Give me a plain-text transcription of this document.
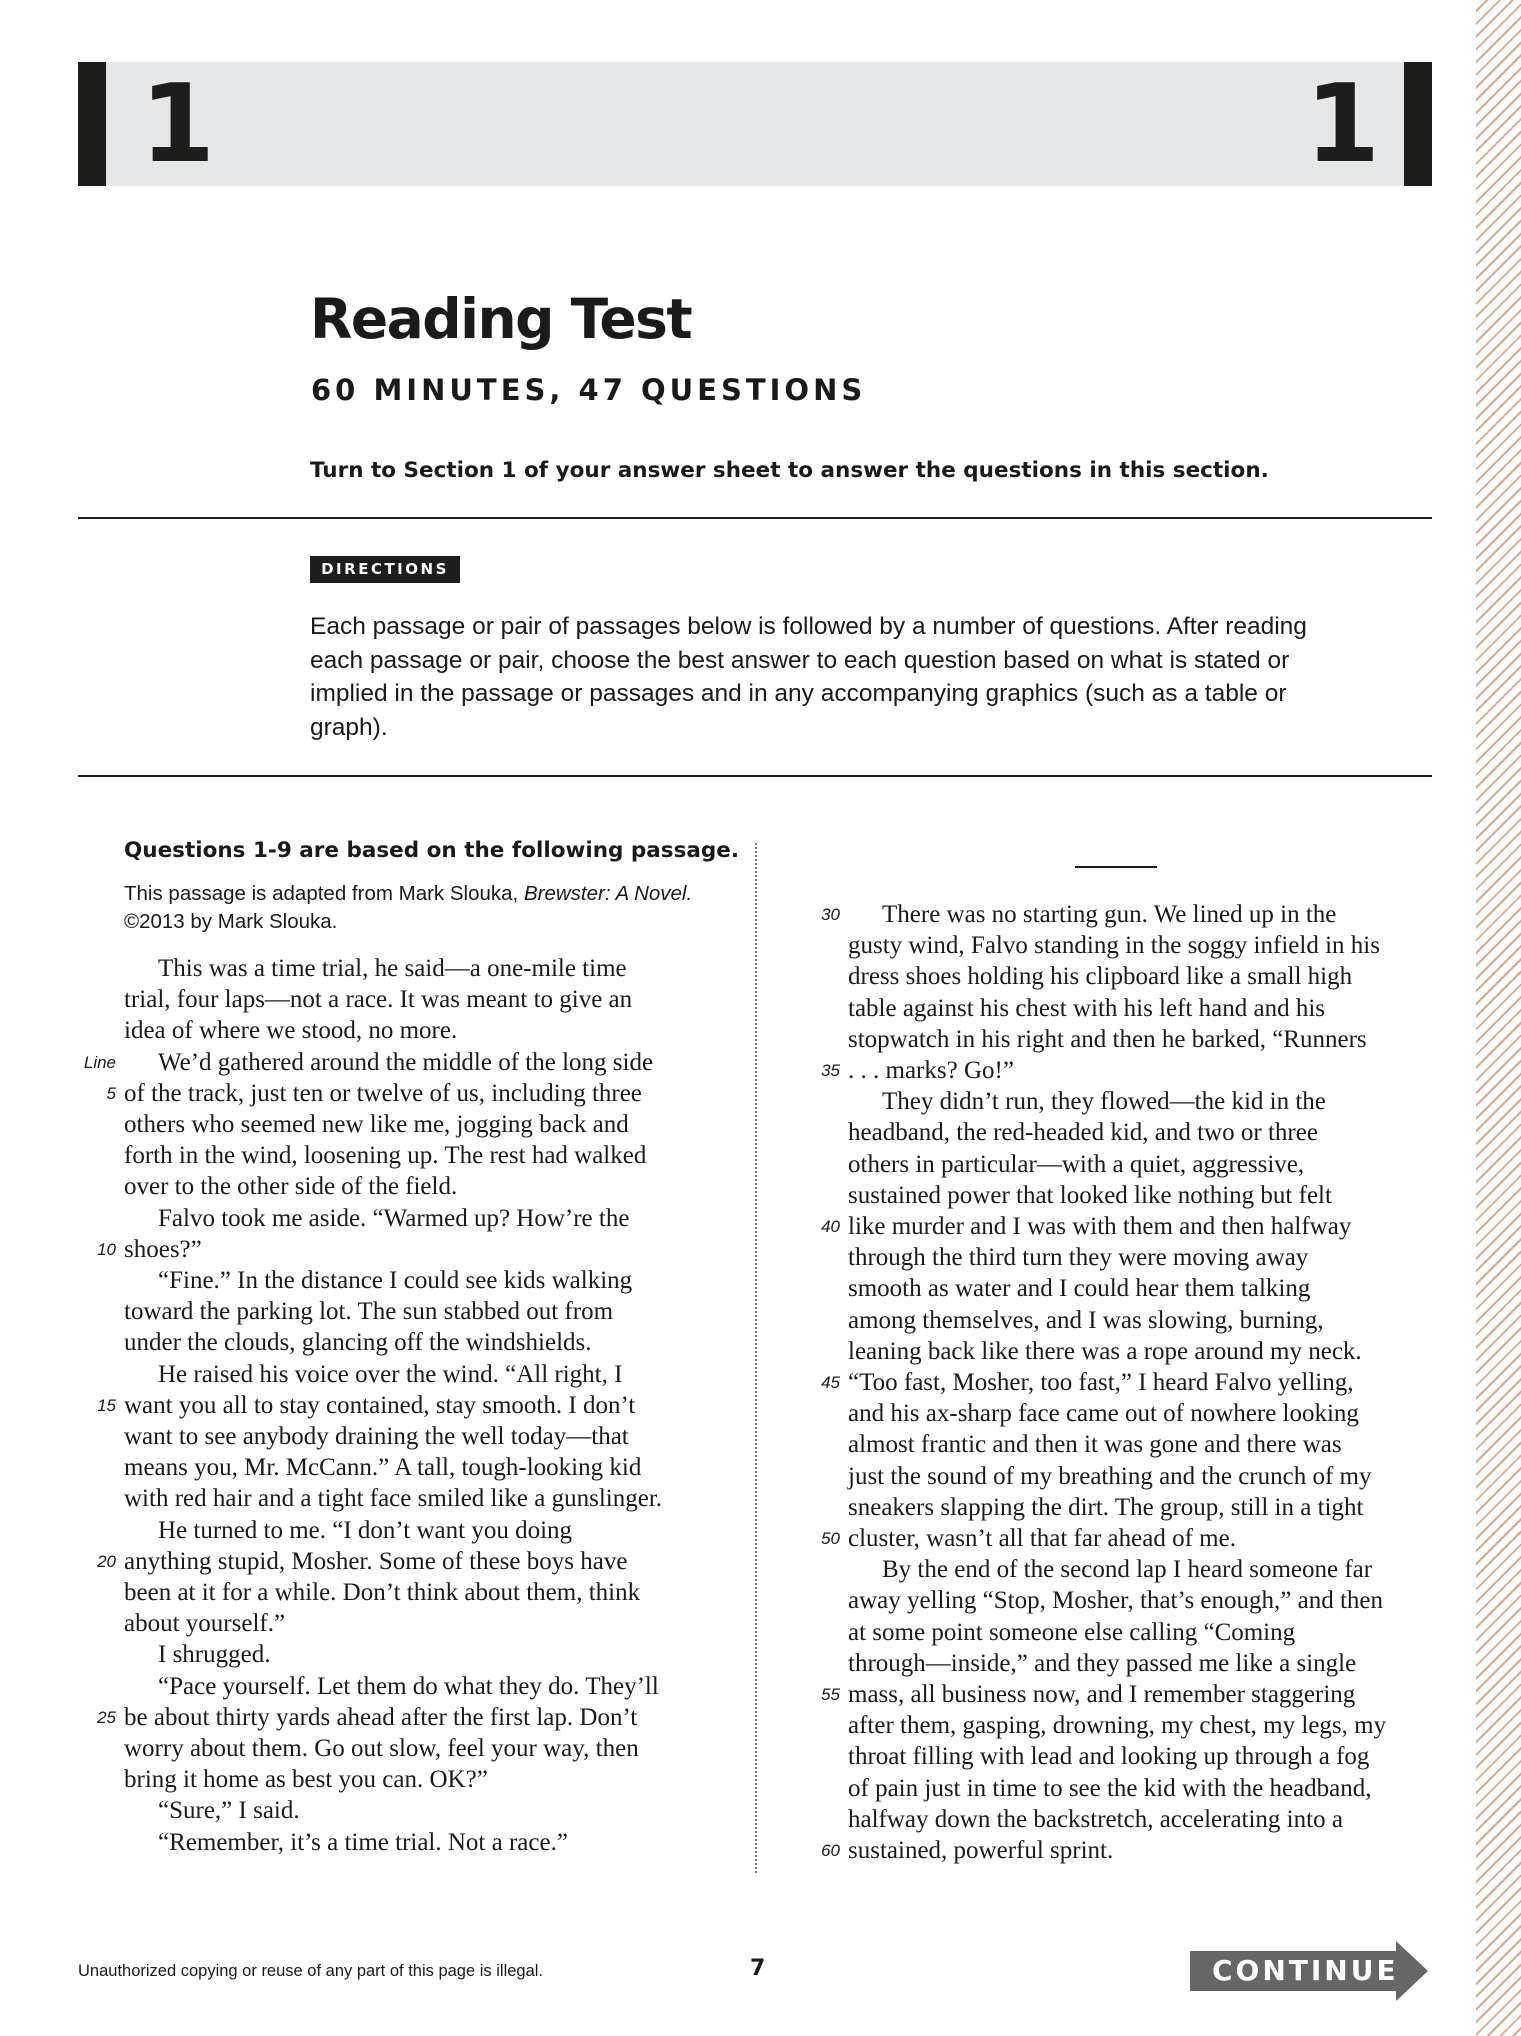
1	1
Reading Test
60 MINUTES, 47 QUESTIONS
Turn to Section 1 of your answer sheet to answer the questions in this section.
DIRECTIONS
Each passage or pair of passages below is followed by a number of questions. After reading each passage or pair, choose the best answer to each question based on what is stated or implied in the passage or passages and in any accompanying graphics (such as a table or graph).
Questions 1-9 are based on the following passage.
This passage is adapted from Mark Slouka, Brewster: A Novel.
©2013 by Mark Slouka.
This was a time trial, he said—a one-mile time
trial, four laps—not a race. It was meant to give an
idea of where we stood, no more.
We’d gathered around the middle of the long side
of the track, just ten or twelve of us, including three
others who seemed new like me, jogging back and
forth in the wind, loosening up. The rest had walked
over to the other side of the field.
Falvo took me aside. “Warmed up? How’re the
shoes?”
“Fine.” In the distance I could see kids walking
toward the parking lot. The sun stabbed out from
under the clouds, glancing off the windshields.
He raised his voice over the wind. “All right, I
want you all to stay contained, stay smooth. I don’t
want to see anybody draining the well today—that
means you, Mr. McCann.” A tall, tough-looking kid
with red hair and a tight face smiled like a gunslinger.
He turned to me. “I don’t want you doing
anything stupid, Mosher. Some of these boys have
been at it for a while. Don’t think about them, think
about yourself.”
I shrugged.
“Pace yourself. Let them do what they do. They’ll
be about thirty yards ahead after the first lap. Don’t
worry about them. Go out slow, feel your way, then
bring it home as best you can. OK?”
“Sure,” I said.
“Remember, it’s a time trial. Not a race.”
There was no starting gun. We lined up in the
gusty wind, Falvo standing in the soggy infield in his
dress shoes holding his clipboard like a small high
table against his chest with his left hand and his
stopwatch in his right and then he barked, “Runners
. . . marks? Go!”
They didn’t run, they flowed—the kid in the
headband, the red-headed kid, and two or three
others in particular—with a quiet, aggressive,
sustained power that looked like nothing but felt
like murder and I was with them and then halfway
through the third turn they were moving away
smooth as water and I could hear them talking
among themselves, and I was slowing, burning,
leaning back like there was a rope around my neck.
“Too fast, Mosher, too fast,” I heard Falvo yelling,
and his ax-sharp face came out of nowhere looking
almost frantic and then it was gone and there was
just the sound of my breathing and the crunch of my
sneakers slapping the dirt. The group, still in a tight
cluster, wasn’t all that far ahead of me.
By the end of the second lap I heard someone far
away yelling “Stop, Mosher, that’s enough,” and then
at some point someone else calling “Coming
through—inside,” and they passed me like a single
mass, all business now, and I remember staggering
after them, gasping, drowning, my chest, my legs, my
throat filling with lead and looking up through a fog
of pain just in time to see the kid with the headband,
halfway down the backstretch, accelerating into a
sustained, powerful sprint.
5
10
15
20
25
Line
30
35
40
45
50
55
60
Unauthorized copying or reuse of any part of this page is illegal.	7	CONTINUE
